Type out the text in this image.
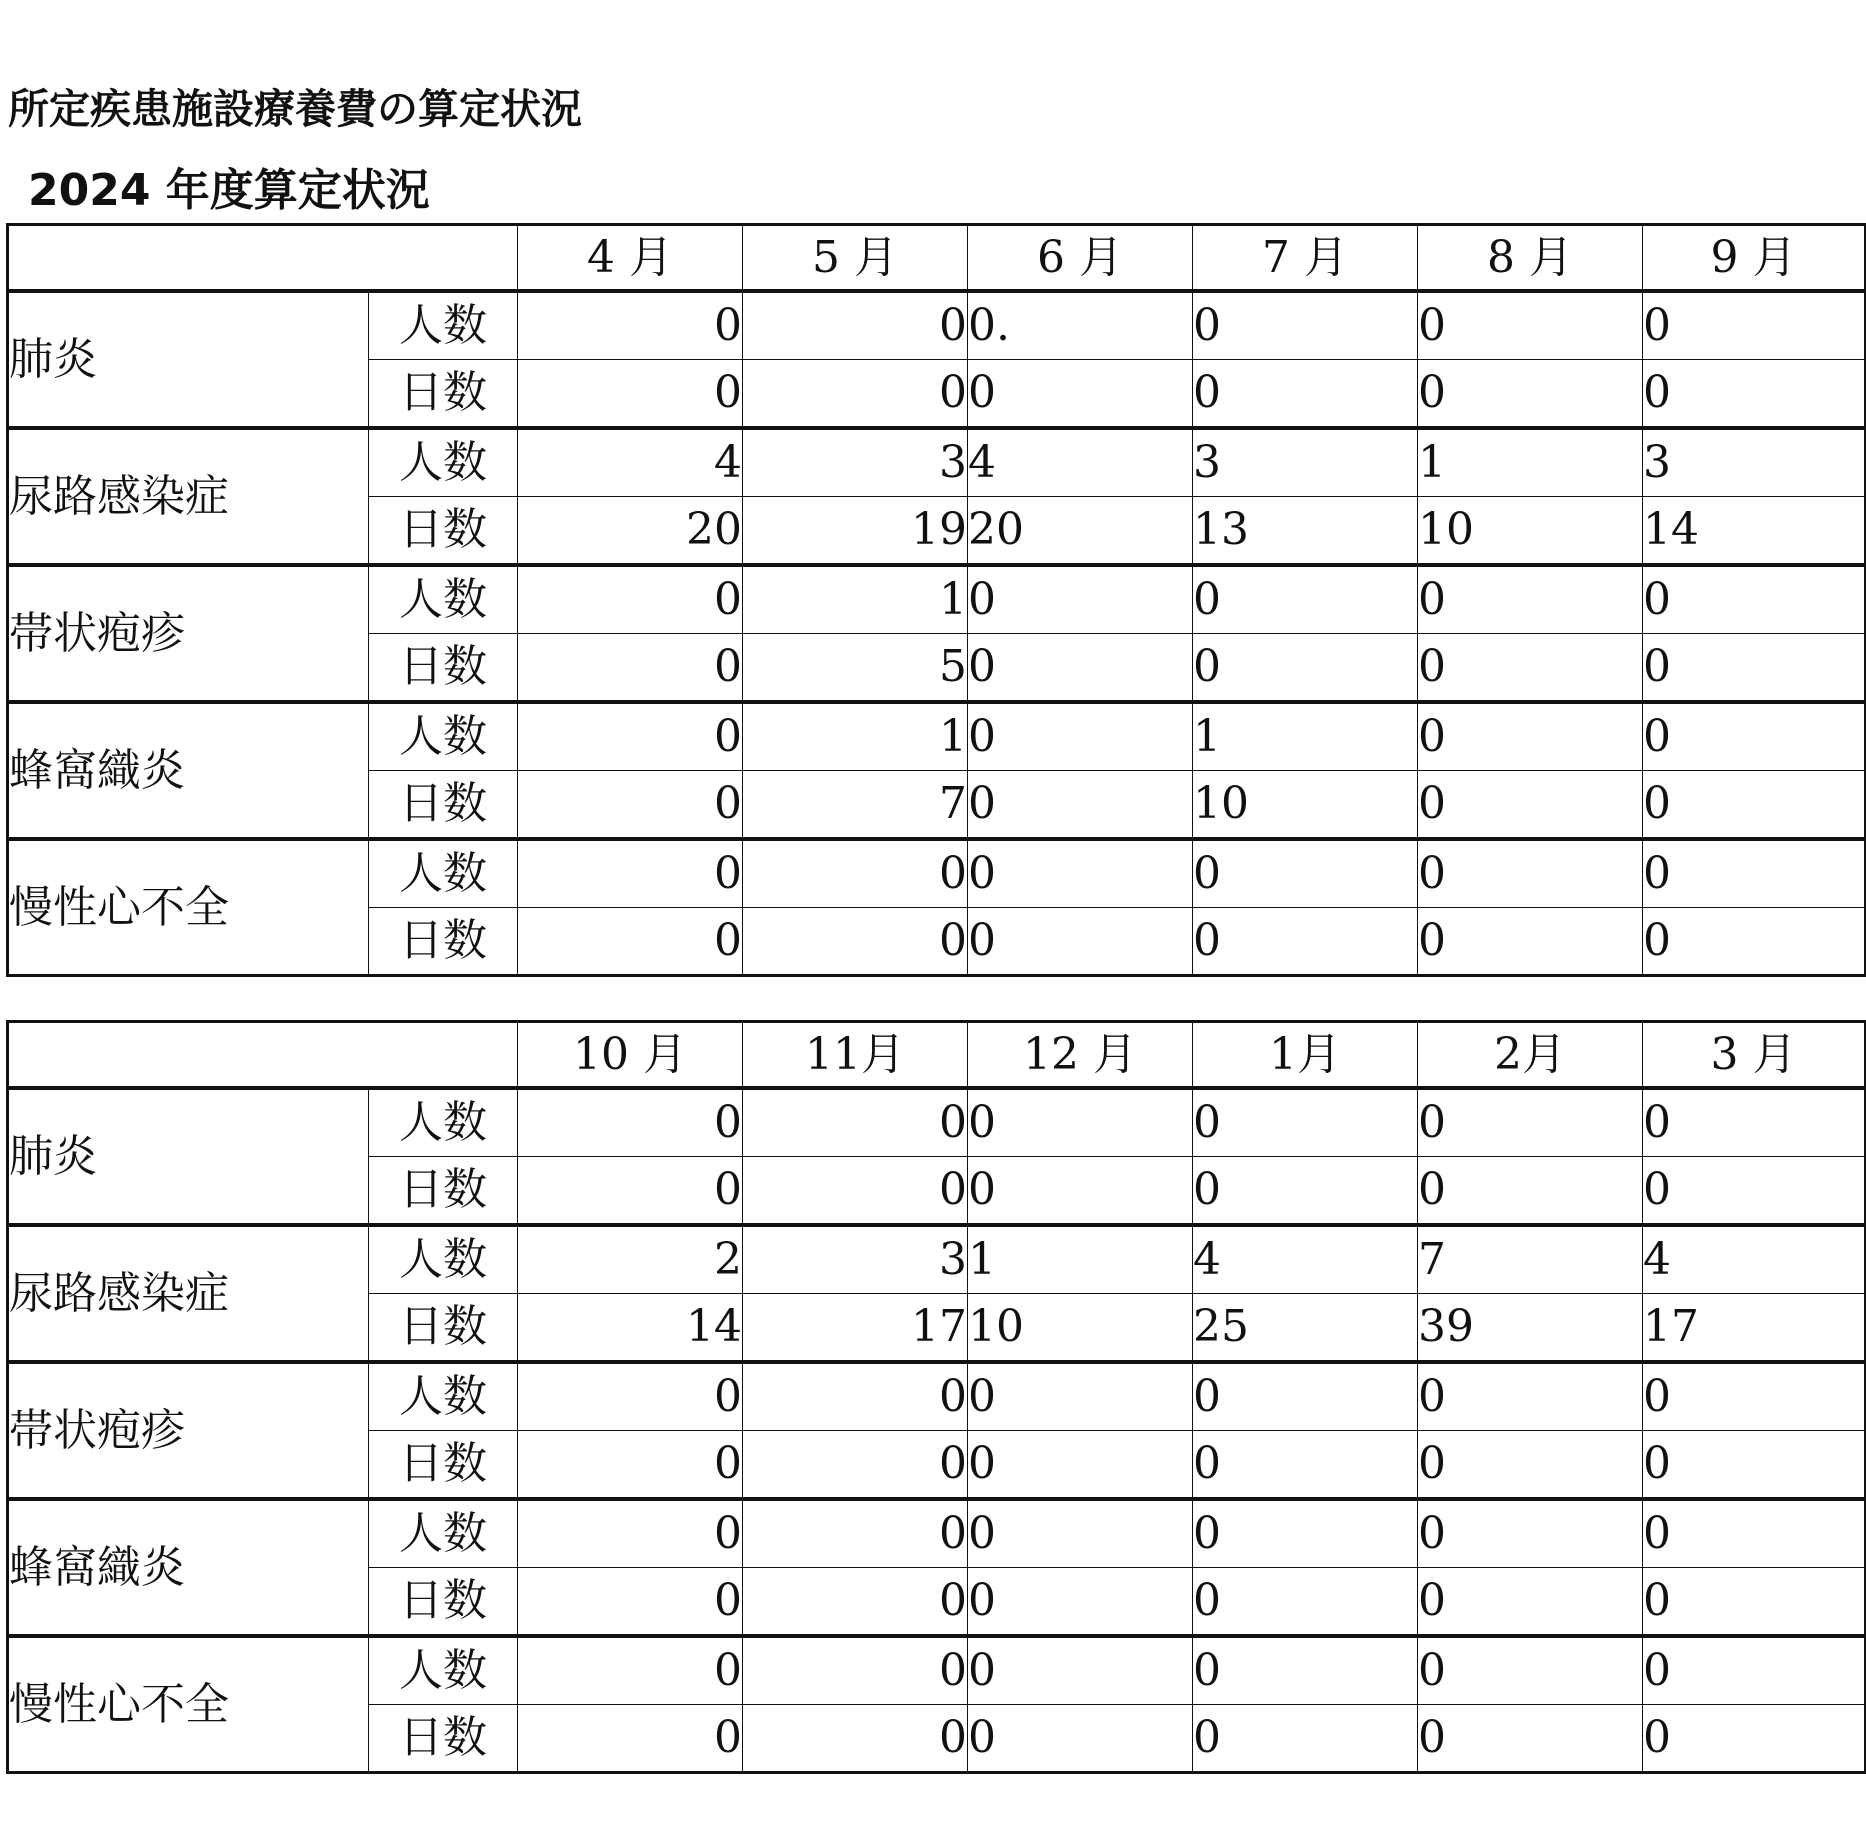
所定疾患施設療養費の算定状況
2024 年度算定状況
		4 月	5 月	6 月	7 月	8 月	9 月
肺炎	人数	0	0	0.	0	0	0
	日数	0	0	0	0	0	0
尿路感染症	人数	4	3	4	3	1	3
	日数	20	19	20	13	10	14
帯状疱疹	人数	0	1	0	0	0	0
	日数	0	5	0	0	0	0
蜂窩織炎	人数	0	1	0	1	0	0
	日数	0	7	0	10	0	0
慢性心不全	人数	0	0	0	0	0	0
	日数	0	0	0	0	0	0
		10 月	11月	12 月	1月	2月	3 月
肺炎	人数	0	0	0	0	0	0
	日数	0	0	0	0	0	0
尿路感染症	人数	2	3	1	4	7	4
	日数	14	17	10	25	39	17
帯状疱疹	人数	0	0	0	0	0	0
	日数	0	0	0	0	0	0
蜂窩織炎	人数	0	0	0	0	0	0
	日数	0	0	0	0	0	0
慢性心不全	人数	0	0	0	0	0	0
	日数	0	0	0	0	0	0
